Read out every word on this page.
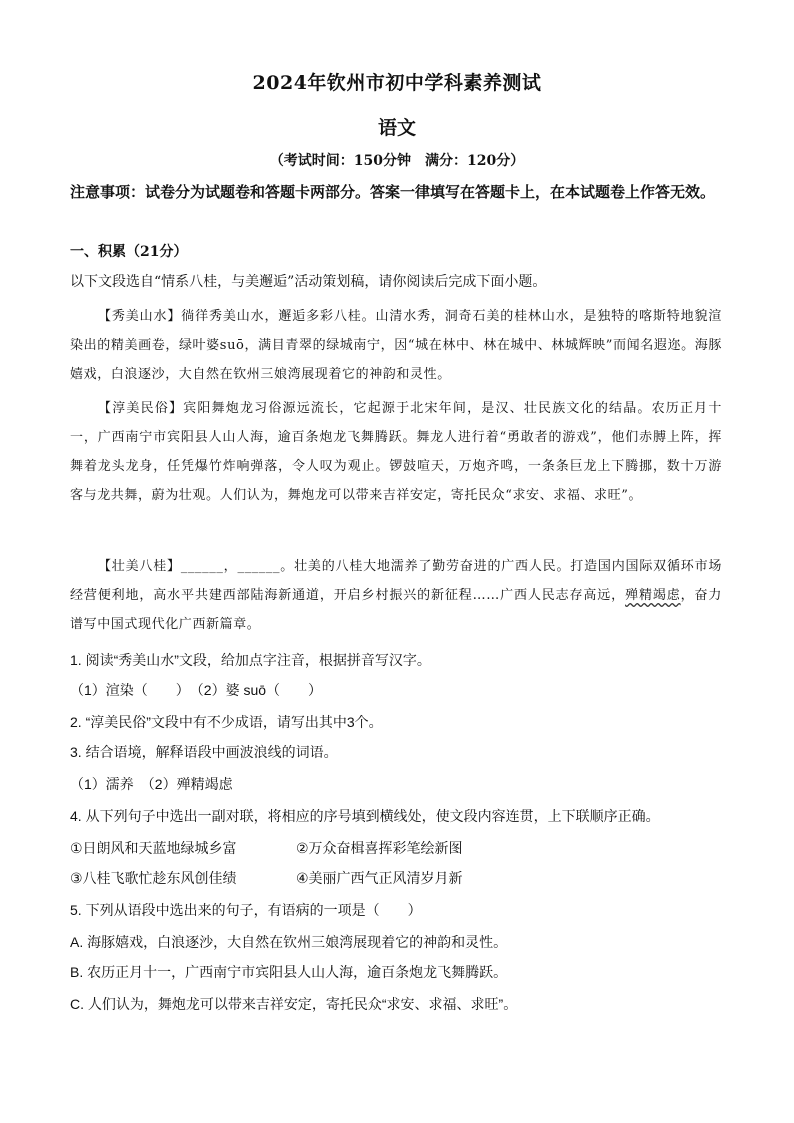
2024年钦州市初中学科素养测试
语文
（考试时间：150分钟　满分：120分）
注意事项：试卷分为试题卷和答题卡两部分。答案一律填写在答题卡上，在本试题卷上作答无效。
一、积累（21分）
以下文段选自“情系八桂，与美邂逅”活动策划稿，请你阅读后完成下面小题。
【秀美山水】徜徉秀美山水，邂逅多彩八桂。山清水秀，洞奇石美的桂林山水，是独特的喀斯特地貌渲染出的精美画卷，绿叶婆suō，满目青翠的绿城南宁，因“城在林中、林在城中、林城辉映”而闻名遐迩。海豚嬉戏，白浪逐沙，大自然在钦州三娘湾展现着它的神韵和灵性。
【淳美民俗】宾阳舞炮龙习俗源远流长，它起源于北宋年间，是汉、壮民族文化的结晶。农历正月十一，广西南宁市宾阳县人山人海，逾百条炮龙飞舞腾跃。舞龙人进行着“勇敢者的游戏”，他们赤膊上阵，挥舞着龙头龙身，任凭爆竹炸响弹落，令人叹为观止。锣鼓喧天，万炮齐鸣，一条条巨龙上下腾挪，数十万游客与龙共舞，蔚为壮观。人们认为，舞炮龙可以带来吉祥安定，寄托民众“求安、求福、求旺”。
【壮美八桂】______，______。壮美的八桂大地濡养了勤劳奋进的广西人民。打造国内国际双循环市场经营便利地，高水平共建西部陆海新通道，开启乡村振兴的新征程……广西人民志存高远，殚精竭虑，奋力谱写中国式现代化广西新篇章。
1. 阅读“秀美山水”文段，给加点字注音，根据拼音写汉字。
（1）渲染（　　）　（2）婆 suō（　　）
2. “淳美民俗”文段中有不少成语，请写出其中3个。
3. 结合语境，解释语段中画波浪线的词语。
（1）濡养　（2）殚精竭虑
4. 从下列句子中选出一副对联，将相应的序号填到横线处，使文段内容连贯，上下联顺序正确。
①日朗风和天蓝地绿城乡富	②万众奋楫喜挥彩笔绘新图
③八桂飞歌忙趁东风创佳绩	④美丽广西气正风清岁月新
5. 下列从语段中选出来的句子，有语病的一项是（　　）
A. 海豚嬉戏，白浪逐沙，大自然在钦州三娘湾展现着它的神韵和灵性。
B. 农历正月十一，广西南宁市宾阳县人山人海，逾百条炮龙飞舞腾跃。
C. 人们认为，舞炮龙可以带来吉祥安定，寄托民众“求安、求福、求旺”。
